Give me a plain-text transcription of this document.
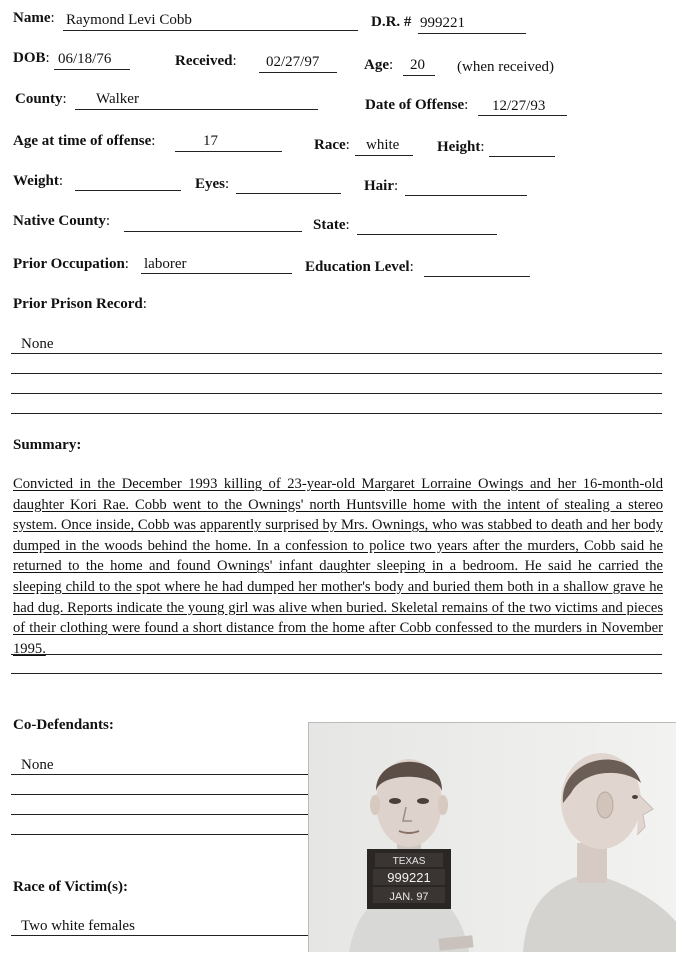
Name: Raymond Levi Cobb	D.R. # 999221
DOB: 06/18/76	Received: 02/27/97	Age: 20 (when received)
County: Walker	Date of Offense: 12/27/93
Age at time of offense:	17	Race: white	Height:
Weight:	Eyes:	Hair:
Native County:	State:
Prior Occupation: laborer	Education Level:
Prior Prison Record:
None
Summary:
Convicted in the December 1993 killing of 23-year-old Margaret Lorraine Owings and her 16-month-old daughter Kori Rae. Cobb went to the Ownings' north Huntsville home with the intent of stealing a stereo system. Once inside, Cobb was apparently surprised by Mrs. Ownings, who was stabbed to death and her body dumped in the woods behind the home. In a confession to police two years after the murders, Cobb said he returned to the home and found Ownings' infant daughter sleeping in a bedroom. He said he carried the sleeping child to the spot where he had dumped her mother's body and buried them both in a shallow grave he had dug. Reports indicate the young girl was alive when buried. Skeletal remains of the two victims and pieces of their clothing were found a short distance from the home after Cobb confessed to the murders in November 1995.
Co-Defendants:
None
Race of Victim(s):
Two white females
TEXAS
999221
JAN. 97
